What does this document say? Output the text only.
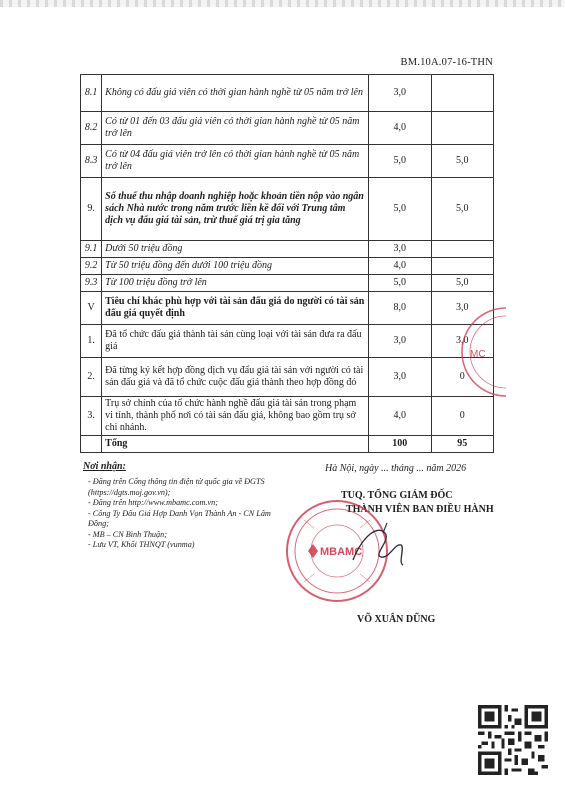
BM.10A.07-16-THN
8.1	Không có đấu giá viên có thời gian hành nghề từ 05 năm trở lên	3,0	
8.2	Có từ 01 đến 03 đấu giá viên có thời gian hành nghề từ 05 năm trở lên	4,0	
8.3	Có từ 04 đấu giá viên trở lên có thời gian hành nghề từ 05 năm trở lên	5,0	5,0
9.	Số thuế thu nhập doanh nghiệp hoặc khoản tiền nộp vào ngân sách Nhà nước trong năm trước liền kề đối với Trung tâm dịch vụ đấu giá tài sản, trừ thuế giá trị gia tăng	5,0	5,0
9.1	Dưới 50 triệu đồng	3,0	
9.2	Từ 50 triệu đồng đến dưới 100 triệu đồng	4,0	
9.3	Từ 100 triệu đồng trở lên	5,0	5,0
V	Tiêu chí khác phù hợp với tài sản đấu giá do người có tài sản đấu giá quyết định	8,0	3,0
1.	Đã tổ chức đấu giá thành tài sản cùng loại với tài sản đưa ra đấu giá	3,0	3,0
2.	Đã từng ký kết hợp đồng dịch vụ đấu giá tài sản với người có tài sản đấu giá và đã tổ chức cuộc đấu giá thành theo hợp đồng đó	3,0	0
3.	Trụ sở chính của tổ chức hành nghề đấu giá tài sản trong phạm vi tỉnh, thành phố nơi có tài sản đấu giá, không bao gồm trụ sở chi nhánh.	4,0	0
	Tổng	100	95
MC
Nơi nhận:	Hà Nội, ngày ... tháng ... năm 2026
- Đăng trên Cổng thông tin điện tử quốc gia về ĐGTS (https://dgts.moj.gov.vn);
- Đăng trên http://www.mbamc.com.vn;
- Công Ty Đấu Giá Hợp Danh Vọn Thành An - CN Lâm Đồng;
- MB – CN Bình Thuận;
- Lưu VT, Khối THNQT (vunma)
TUQ. TỔNG GIÁM ĐỐC
THÀNH VIÊN BAN ĐIỀU HÀNH
MBAMC
VÕ XUÂN DŨNG
